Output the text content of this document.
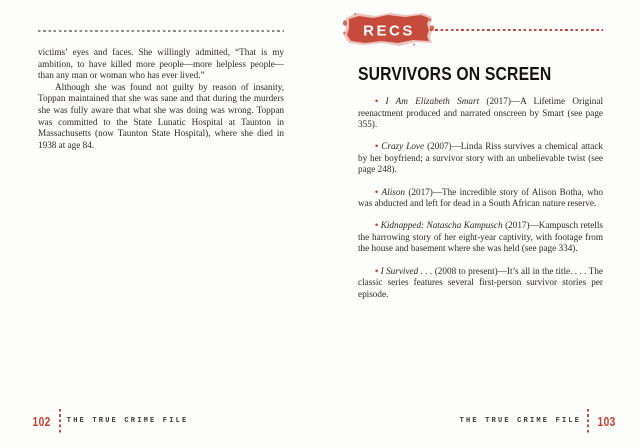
victims’ eyes and faces. She willingly admitted, “That is my ambition, to have killed more people—more helpless people—than any man or woman who has ever lived.”

Although she was found not guilty by reason of insanity, Toppan maintained that she was sane and that during the murders she was fully aware that what she was doing was wrong. Toppan was committed to the State Lunatic Hospital at Taunton in Massachusetts (now Taunton State Hospital), where she died in 1938 at age 84.

102 THE TRUE CRIME FILE
RECS
SURVIVORS ON SCREEN

• I Am Elizabeth Smart (2017)—A Lifetime Original reenactment produced and narrated onscreen by Smart (see page 355).

• Crazy Love (2007)—Linda Riss survives a chemical attack by her boyfriend; a survivor story with an unbelievable twist (see page 248).

• Alison (2017)—The incredible story of Alison Botha, who was abducted and left for dead in a South African nature reserve.

• Kidnapped: Natascha Kampusch (2017)—Kampusch retells the harrowing story of her eight-year captivity, with footage from the house and basement where she was held (see page 334).

• I Survived . . . (2008 to present)—It’s all in the title. . . . The classic series features several first-person survivor stories per episode.

THE TRUE CRIME FILE 103
